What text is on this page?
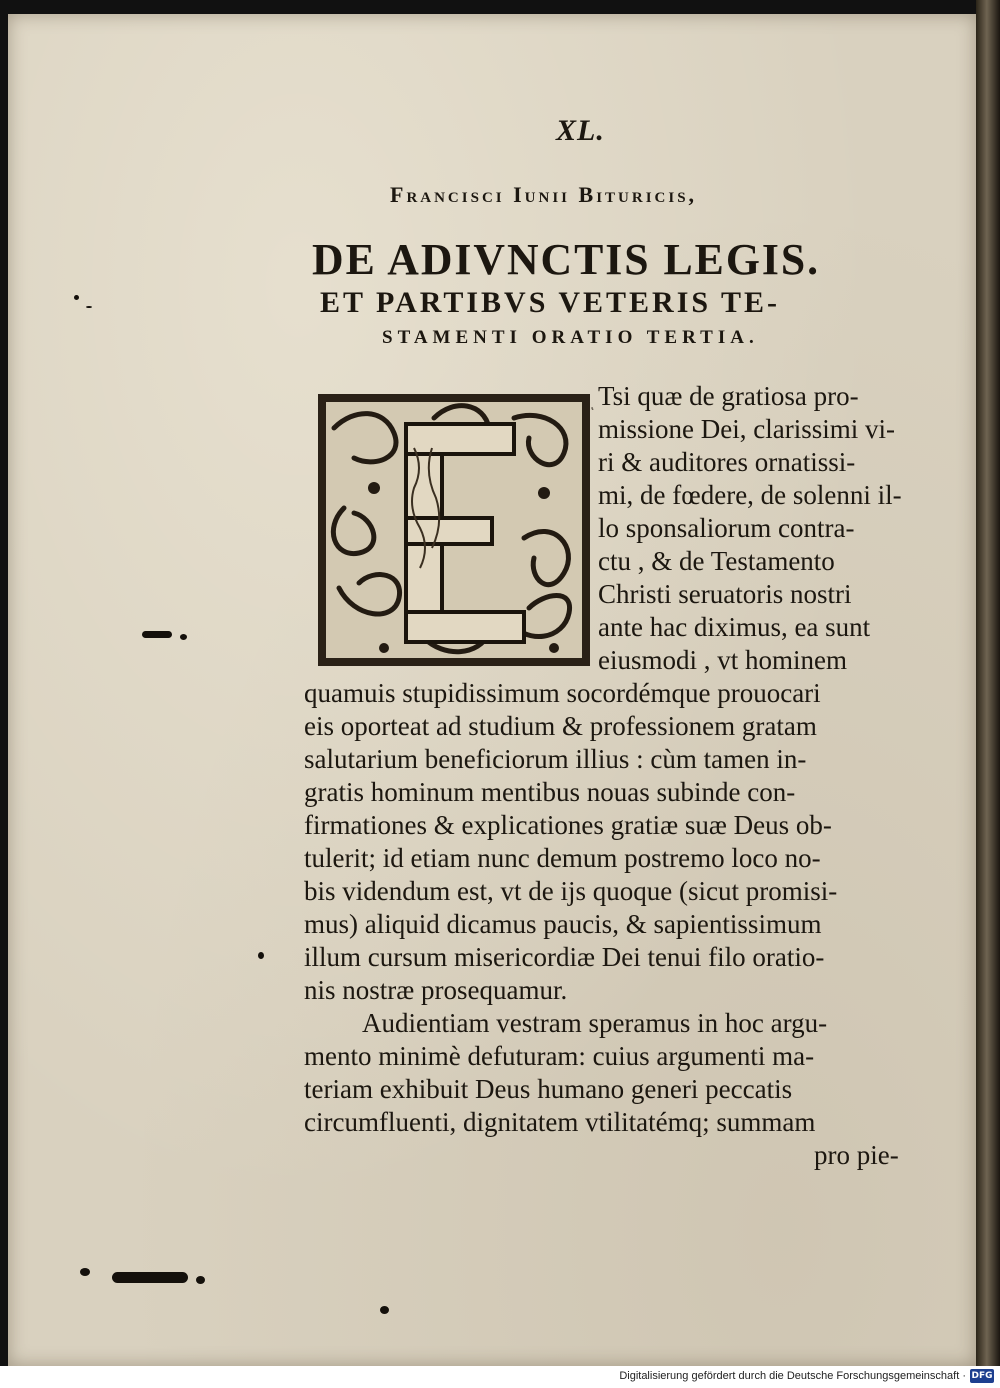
XL.
Francisci Iunii Bituricis,
DE ADIVNCTIS LEGIS.
ET PARTIBVS VETERIS TE-
STAMENTI ORATIO TERTIA.
ͺ Tsi quæ de gratiosa pro-
missione Dei, clarissimi vi-
ri & auditores ornatissi-
mi, de fœdere, de solenni il-
lo sponsaliorum contra-
ctu , & de Testamento
Christi seruatoris nostri
ante hac diximus, ea sunt
eiusmodi , vt hominem
quamuis stupidissimum socordémque prouocari
eis oporteat ad studium & professionem gratam
salutarium beneficiorum illius : cùm tamen in-
gratis hominum mentibus nouas subinde con-
firmationes & explicationes gratiæ suæ Deus ob-
tulerit; id etiam nunc demum postremo loco no-
bis videndum est, vt de ijs quoque (sicut promisi-
mus) aliquid dicamus paucis, & sapientissimum
illum cursum misericordiæ Dei tenui filo oratio-
nis nostræ prosequamur.
Audientiam vestram speramus in hoc argu-
mento minimè defuturam: cuius argumenti ma-
teriam exhibuit Deus humano generi peccatis
circumfluenti, dignitatem vtilitatémq; summam
pro pie-
Digitalisierung gefördert durch die Deutsche Forschungsgemeinschaft · DFG
